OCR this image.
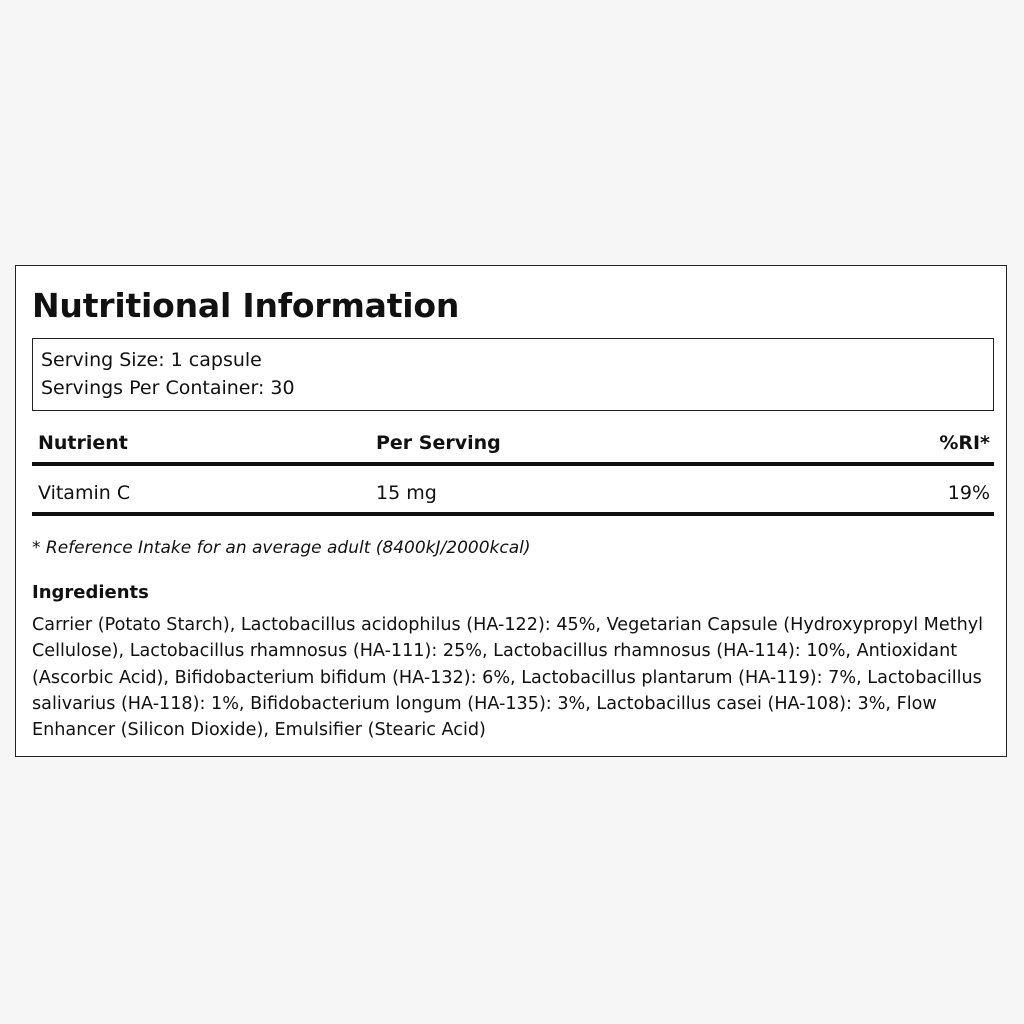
Nutritional Information
Serving Size: 1 capsule
Servings Per Container: 30
Nutrient	Per Serving	%RI*
Vitamin C	15 mg	19%
* Reference Intake for an average adult (8400kJ/2000kcal)
Ingredients
Carrier (Potato Starch), Lactobacillus acidophilus (HA-122): 45%, Vegetarian Capsule (Hydroxypropyl Methyl
Cellulose), Lactobacillus rhamnosus (HA-111): 25%, Lactobacillus rhamnosus (HA-114): 10%, Antioxidant
(Ascorbic Acid), Bifidobacterium bifidum (HA-132): 6%, Lactobacillus plantarum (HA-119): 7%, Lactobacillus
salivarius (HA-118): 1%, Bifidobacterium longum (HA-135): 3%, Lactobacillus casei (HA-108): 3%, Flow
Enhancer (Silicon Dioxide), Emulsifier (Stearic Acid)
